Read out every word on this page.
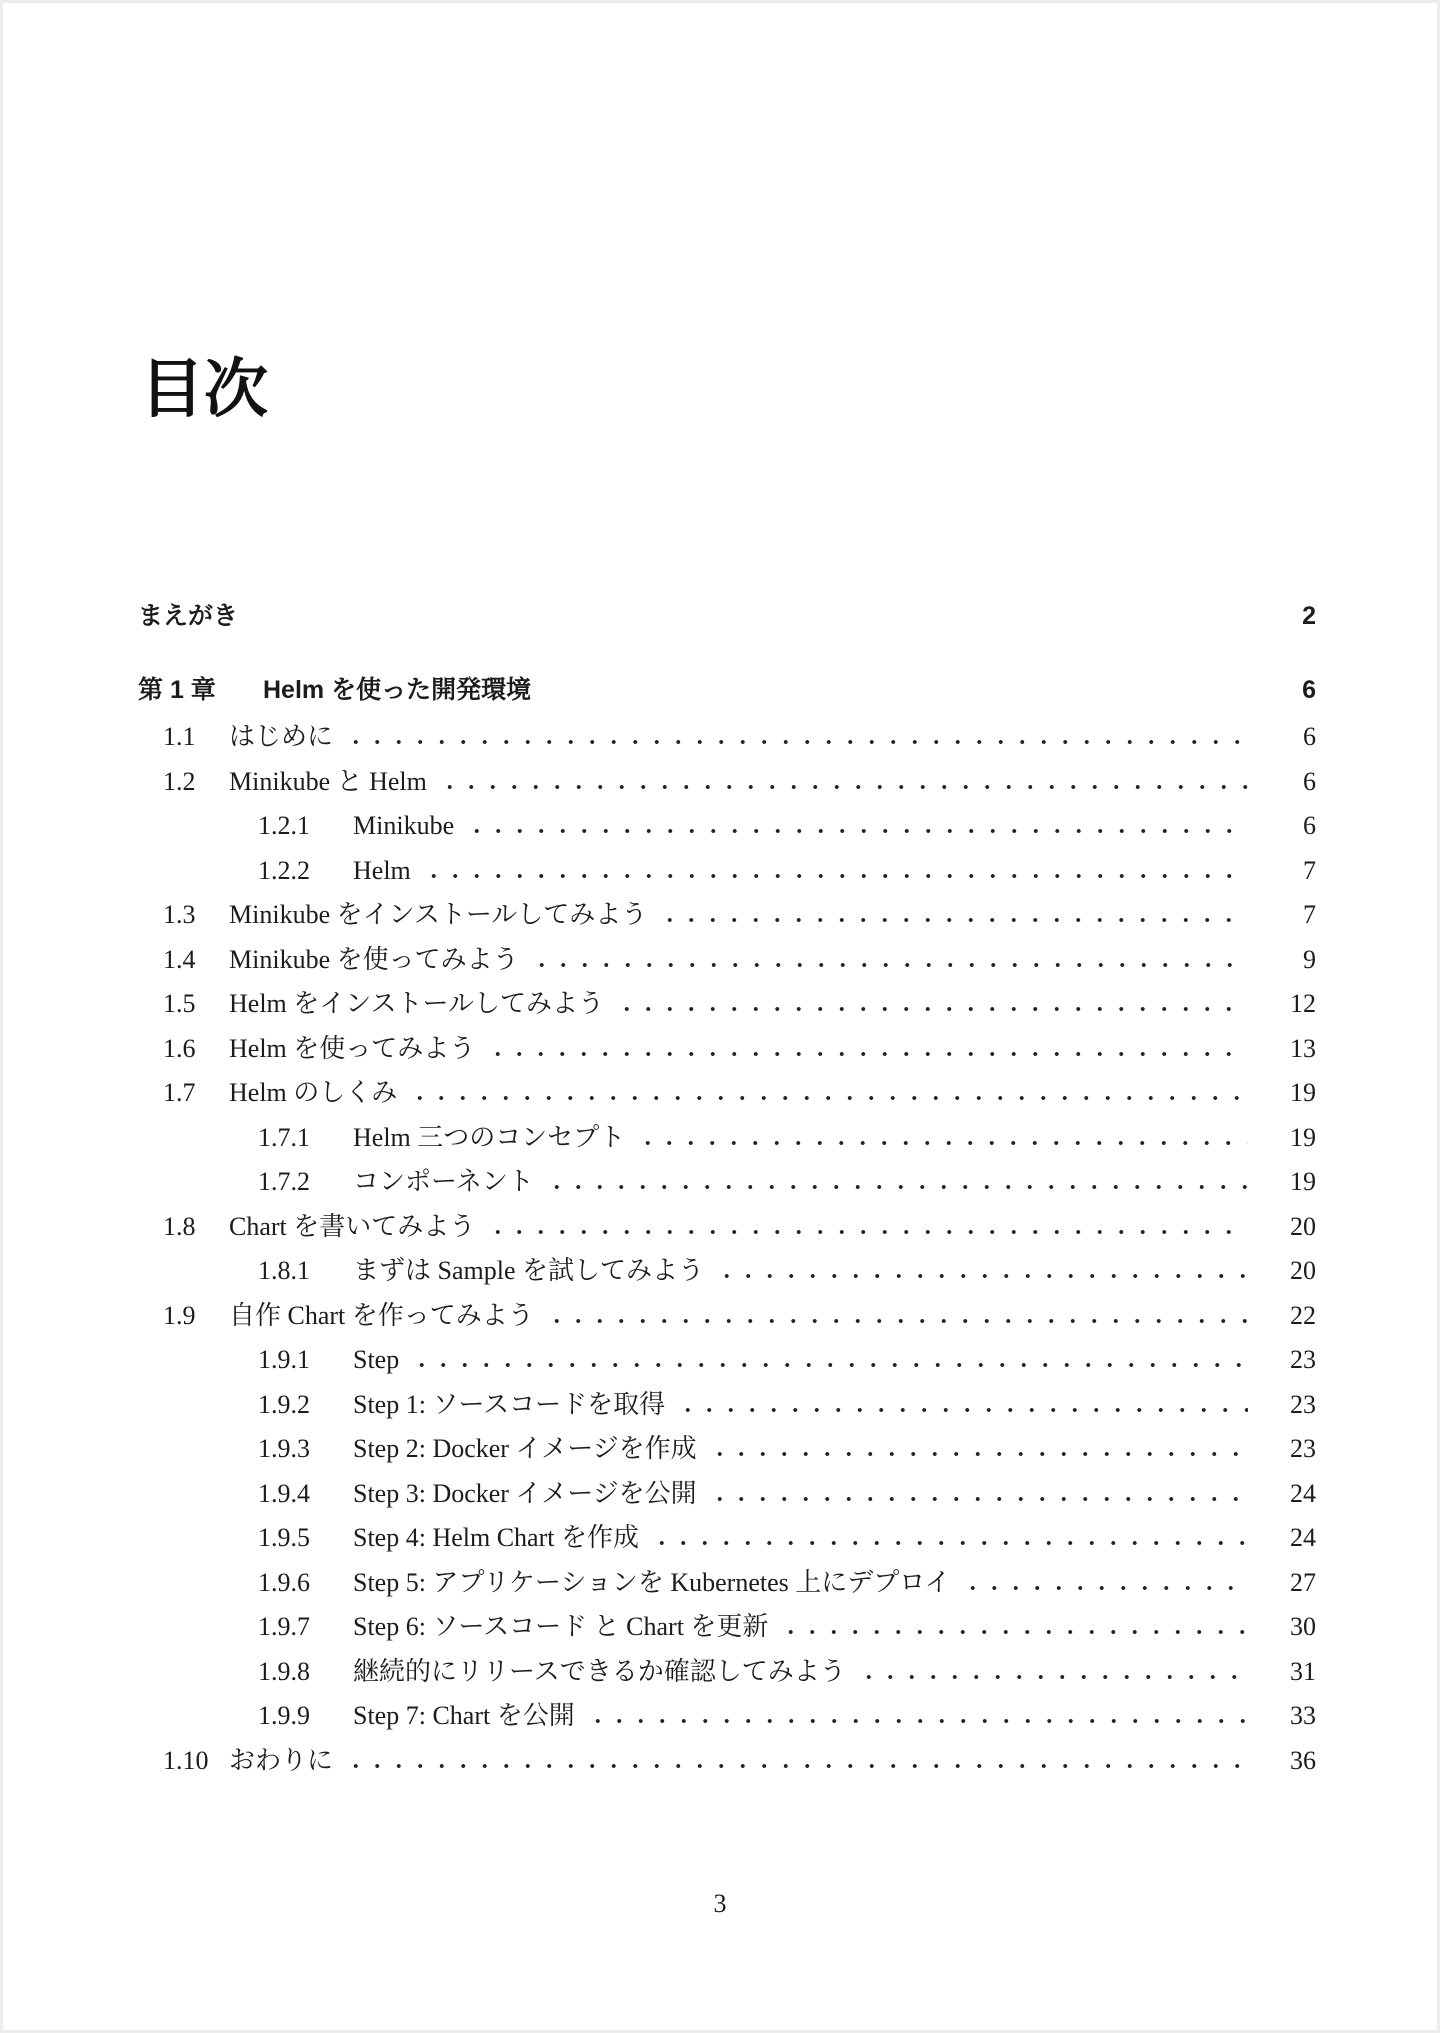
目次
まえがき	2
第 1 章	Helm を使った開発環境	6
1.1	はじめに	6
1.2	Minikube と Helm	6
1.2.1	Minikube	6
1.2.2	Helm	7
1.3	Minikube をインストールしてみよう	7
1.4	Minikube を使ってみよう	9
1.5	Helm をインストールしてみよう	12
1.6	Helm を使ってみよう	13
1.7	Helm のしくみ	19
1.7.1	Helm 三つのコンセプト	19
1.7.2	コンポーネント	19
1.8	Chart を書いてみよう	20
1.8.1	まずは Sample を試してみよう	20
1.9	自作 Chart を作ってみよう	22
1.9.1	Step	23
1.9.2	Step 1: ソースコードを取得	23
1.9.3	Step 2: Docker イメージを作成	23
1.9.4	Step 3: Docker イメージを公開	24
1.9.5	Step 4: Helm Chart を作成	24
1.9.6	Step 5: アプリケーションを Kubernetes 上にデプロイ	27
1.9.7	Step 6: ソースコード と Chart を更新	30
1.9.8	継続的にリリースできるか確認してみよう	31
1.9.9	Step 7: Chart を公開	33
1.10 おわりに	36
3
